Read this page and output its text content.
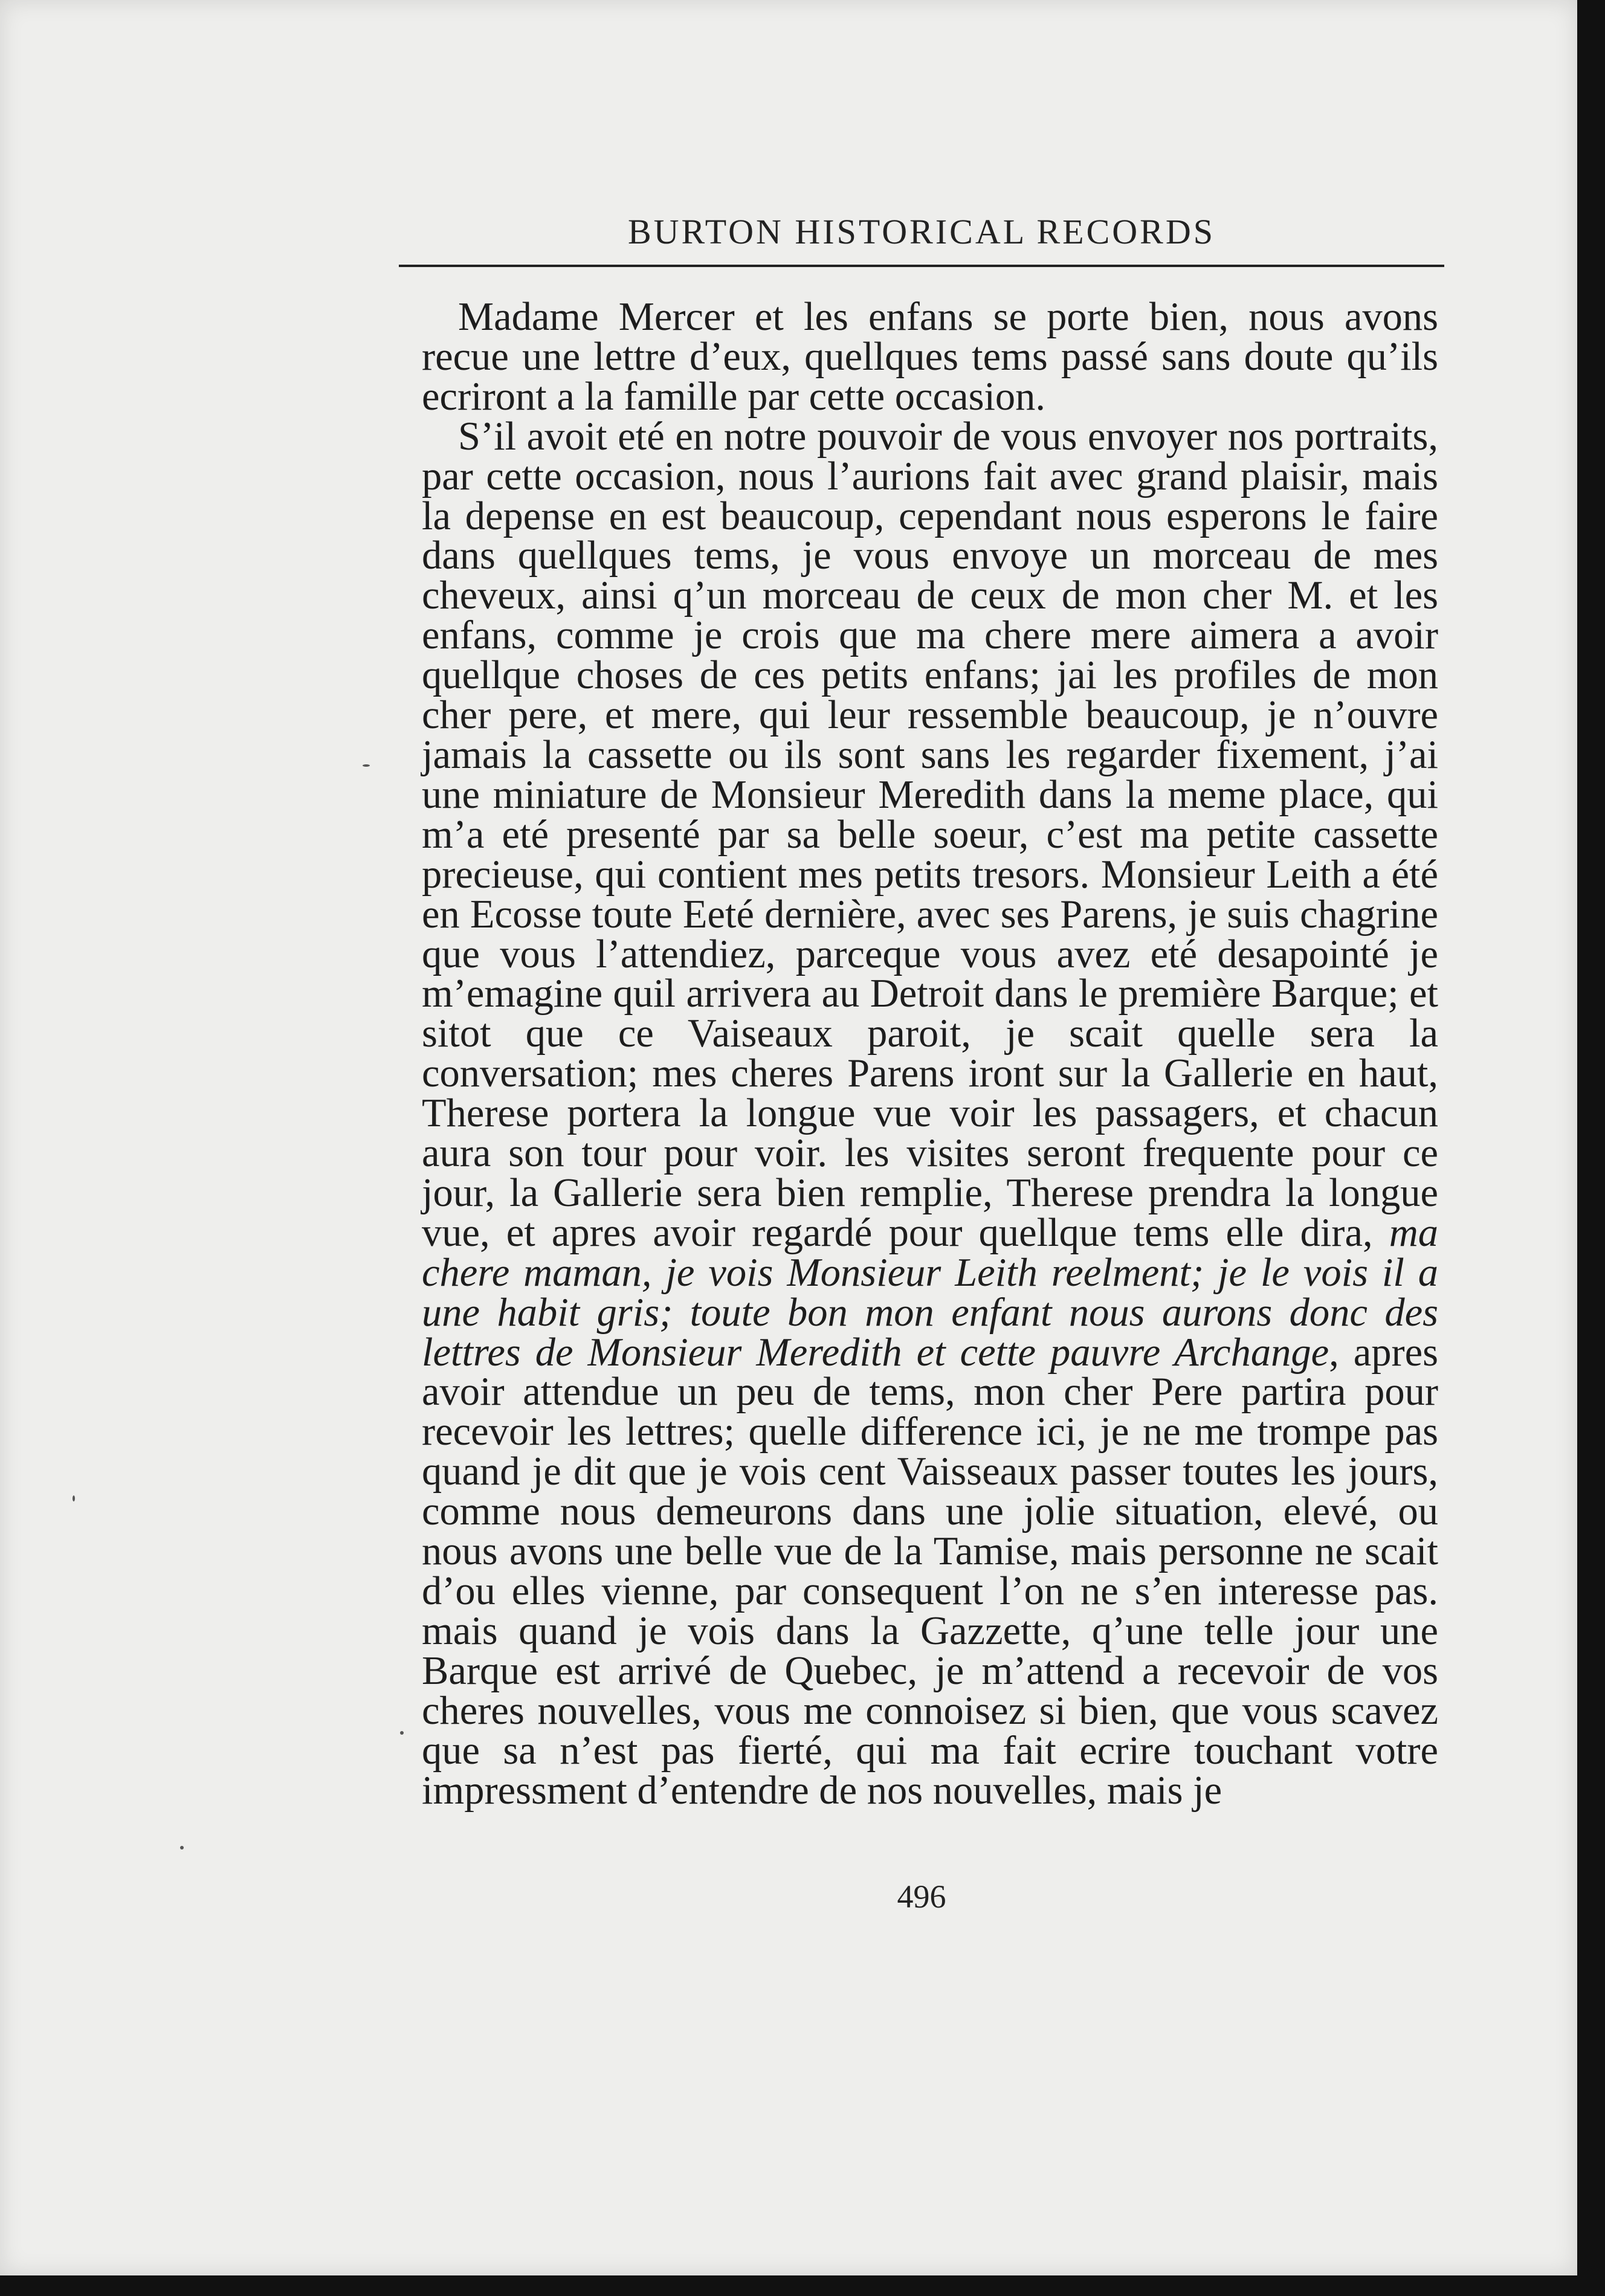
BURTON HISTORICAL RECORDS

Madame Mercer et les enfans se porte bien, nous avons recue une lettre d’eux, quellques tems passé sans doute qu’ils ecriront a la famille par cette occasion.

S’il avoit eté en notre pouvoir de vous envoyer nos portraits, par cette occasion, nous l’aurions fait avec grand plaisir, mais la depense en est beaucoup, cependant nous esperons le faire dans quellques tems, je vous envoye un morceau de mes cheveux, ainsi q’un morceau de ceux de mon cher M. et les enfans, comme je crois que ma chere mere aimera a avoir quellque choses de ces petits enfans; jai les profiles de mon cher pere, et mere, qui leur ressemble beaucoup, je n’ouvre jamais la cassette ou ils sont sans les regarder fixement, j’ai une miniature de Monsieur Meredith dans la meme place, qui m’a eté presenté par sa belle soeur, c’est ma petite cassette precieuse, qui contient mes petits tresors. Monsieur Leith a été en Ecosse toute Eeté dernière, avec ses Parens, je suis chagrine que vous l’attendiez, parceque vous avez eté desapointé je m’emagine quil arrivera au Detroit dans le première Barque; et sitot que ce Vaiseaux paroit, je scait quelle sera la conversation; mes cheres Parens iront sur la Gallerie en haut, Therese portera la longue vue voir les passagers, et chacun aura son tour pour voir. les visites seront frequente pour ce jour, la Gallerie sera bien remplie, Therese prendra la longue vue, et apres avoir regardé pour quellque tems elle dira, ma chere maman, je vois Monsieur Leith reelment; je le vois il a une habit gris; toute bon mon enfant nous aurons donc des lettres de Monsieur Meredith et cette pauvre Archange, apres avoir attendue un peu de tems, mon cher Pere partira pour recevoir les lettres; quelle difference ici, je ne me trompe pas quand je dit que je vois cent Vaisseaux passer toutes les jours, comme nous demeurons dans une jolie situation, elevé, ou nous avons une belle vue de la Tamise, mais personne ne scait d’ou elles vienne, par consequent l’on ne s’en interesse pas. mais quand je vois dans la Gazzette, q’une telle jour une Barque est arrivé de Quebec, je m’attend a recevoir de vos cheres nouvelles, vous me connoisez si bien, que vous scavez que sa n’est pas fierté, qui ma fait ecrire touchant votre impressment d’entendre de nos nouvelles, mais je

496
